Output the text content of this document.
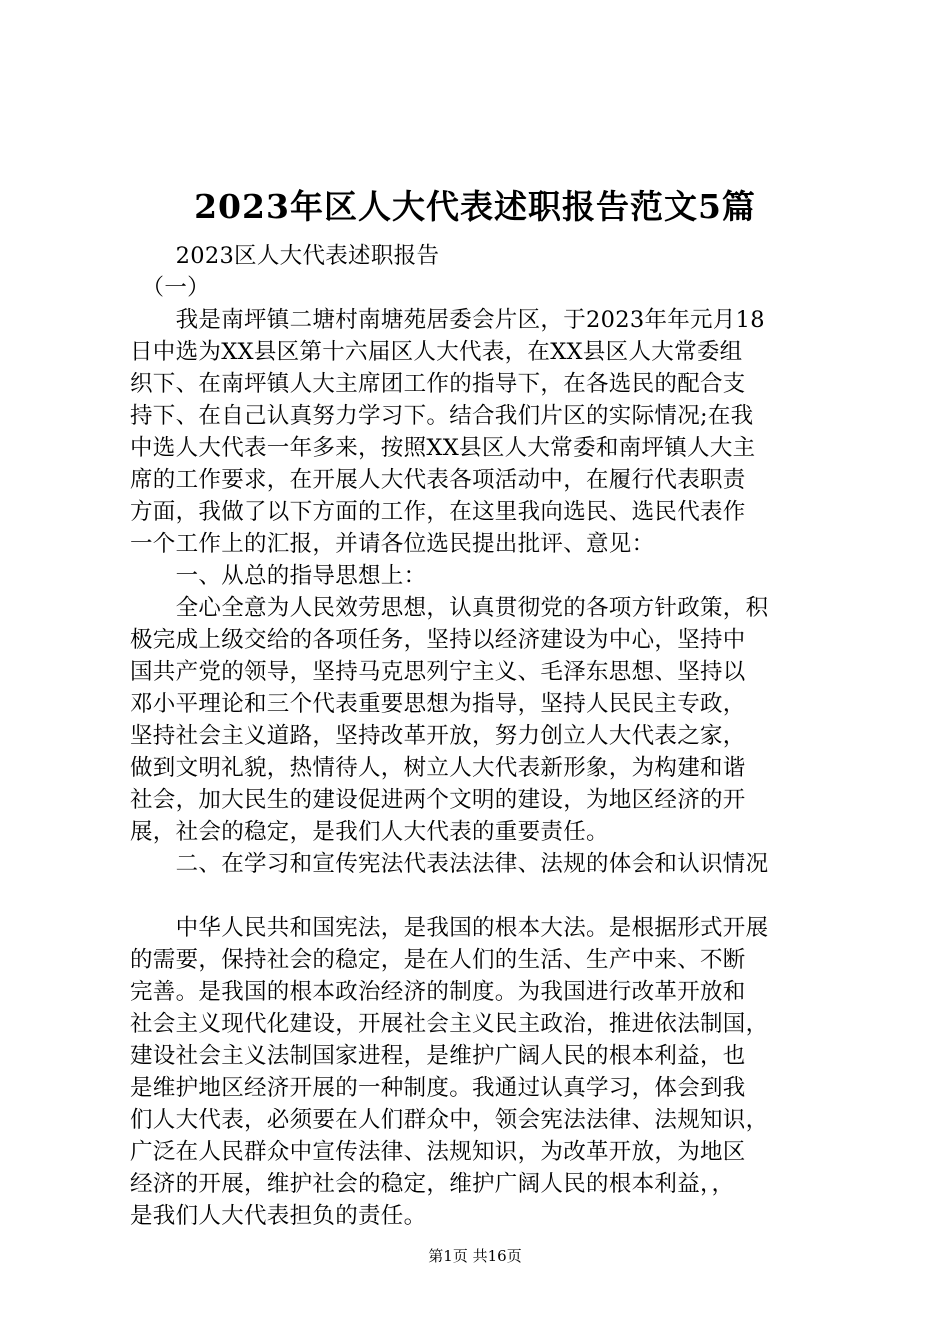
2023年区人大代表述职报告范文5篇
　　2023区人大代表述职报告
　（一）
　　我是南坪镇二塘村南塘苑居委会片区，于2023年年元月18
日中选为XX县区第十六届区人大代表，在XX县区人大常委组
织下、在南坪镇人大主席团工作的指导下，在各选民的配合支
持下、在自己认真努力学习下。结合我们片区的实际情况;在我
中选人大代表一年多来，按照XX县区人大常委和南坪镇人大主
席的工作要求，在开展人大代表各项活动中，在履行代表职责
方面，我做了以下方面的工作，在这里我向选民、选民代表作
一个工作上的汇报，并请各位选民提出批评、意见：
　　一、从总的指导思想上：
　　全心全意为人民效劳思想，认真贯彻党的各项方针政策，积
极完成上级交给的各项任务，坚持以经济建设为中心，坚持中
国共产党的领导，坚持马克思列宁主义、毛泽东思想、坚持以
邓小平理论和三个代表重要思想为指导，坚持人民民主专政，
坚持社会主义道路，坚持改革开放，努力创立人大代表之家，
做到文明礼貌，热情待人，树立人大代表新形象，为构建和谐
社会，加大民生的建设促进两个文明的建设，为地区经济的开
展，社会的稳定，是我们人大代表的重要责任。
　　二、在学习和宣传宪法代表法法律、法规的体会和认识情况
　　中华人民共和国宪法，是我国的根本大法。是根据形式开展
的需要，保持社会的稳定，是在人们的生活、生产中来、不断
完善。是我国的根本政治经济的制度。为我国进行改革开放和
社会主义现代化建设，开展社会主义民主政治，推进依法制国，
建设社会主义法制国家进程，是维护广阔人民的根本利益，也
是维护地区经济开展的一种制度。我通过认真学习，体会到我
们人大代表，必须要在人们群众中，领会宪法法律、法规知识，
广泛在人民群众中宣传法律、法规知识，为改革开放，为地区
经济的开展，维护社会的稳定，维护广阔人民的根本利益，，
是我们人大代表担负的责任。
第1页 共16页
